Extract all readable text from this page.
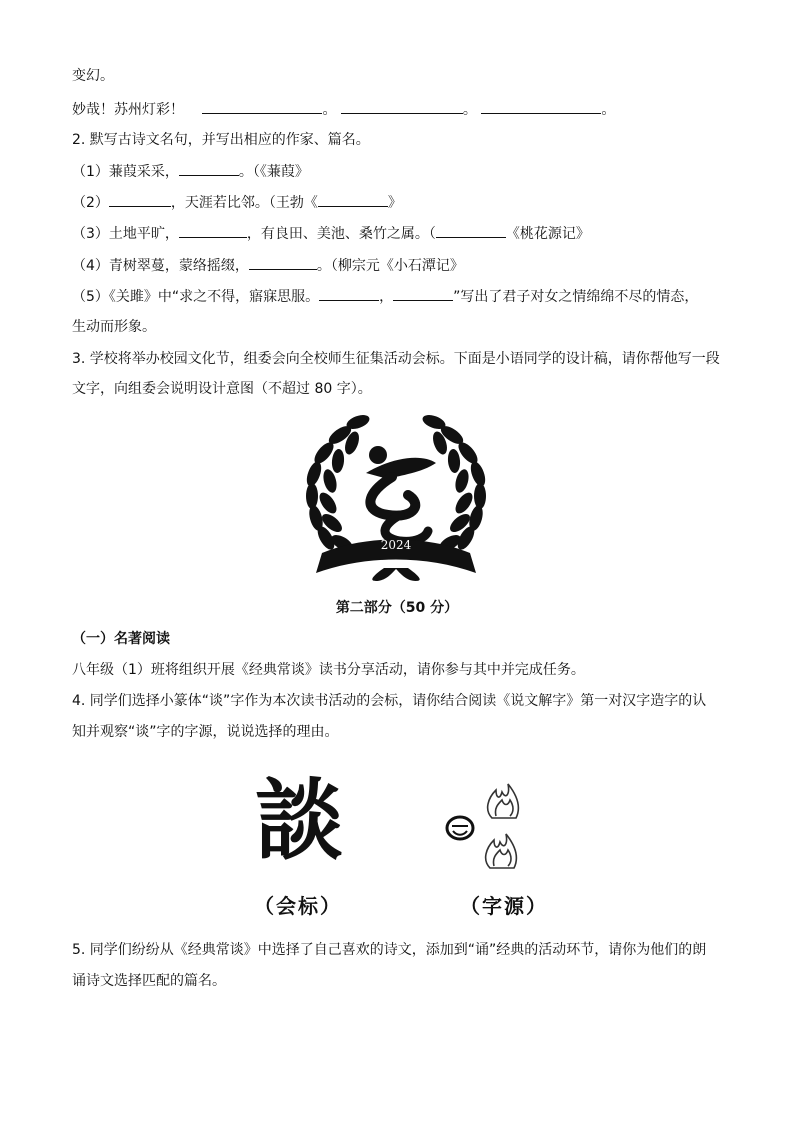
变幻。
妙哉！苏州灯彩！	。	。	。
2. 默写古诗文名句，并写出相应的作家、篇名。
（1）蒹葭采采，	。（《蒹葭》
（2）	，天涯若比邻。（王勃《	》
（3）土地平旷，	，有良田、美池、桑竹之属。（	《桃花源记》
（4）青树翠蔓，蒙络摇缀，	。（柳宗元《小石潭记》
（5）《关雎》中“求之不得，寤寐思服。	，	”写出了君子对女之情绵绵不尽的情态，
生动而形象。
3. 学校将举办校园文化节，组委会向全校师生征集活动会标。下面是小语同学的设计稿，请你帮他写一段
文字，向组委会说明设计意图（不超过 80 字）。
2024
第二部分（50 分）
（一）名著阅读
八年级（1）班将组织开展《经典常谈》读书分享活动，请你参与其中并完成任务。
4. 同学们选择小篆体“谈”字作为本次读书活动的会标，请你结合阅读《说文解字》第一对汉字造字的认
知并观察“谈”字的字源，说说选择的理由。
談
（会标）	（字源）
5. 同学们纷纷从《经典常谈》中选择了自己喜欢的诗文，添加到“诵”经典的活动环节，请你为他们的朗
诵诗文选择匹配的篇名。
